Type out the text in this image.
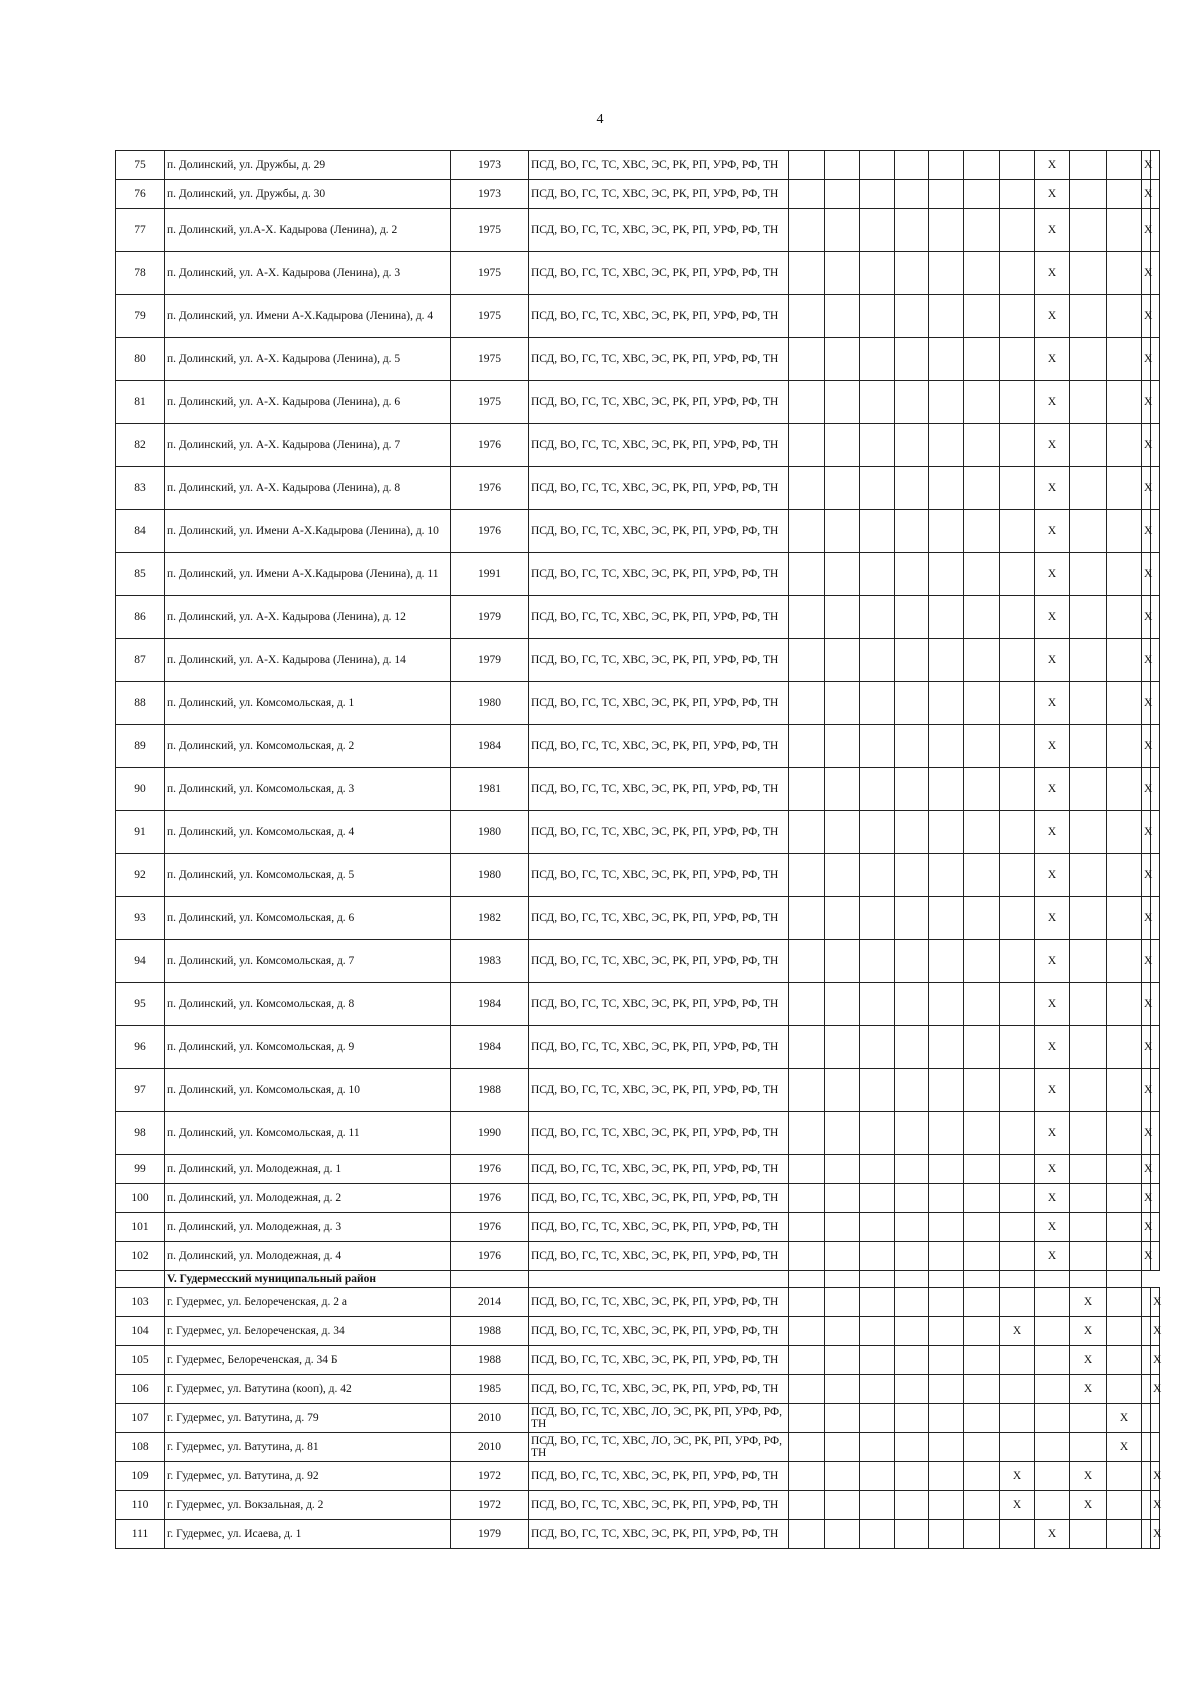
4
75	п. Долинский, ул. Дружбы, д. 29	1973	ПСД, ВО, ГС, ТС, ХВС, ЭС, РК, РП, УРФ, РФ, ТН								X			X	
76	п. Долинский, ул. Дружбы, д. 30	1973	ПСД, ВО, ГС, ТС, ХВС, ЭС, РК, РП, УРФ, РФ, ТН								X			X	
77	п. Долинский, ул.А-Х. Кадырова (Ленина), д. 2	1975	ПСД, ВО, ГС, ТС, ХВС, ЭС, РК, РП, УРФ, РФ, ТН								X			X	
78	п. Долинский, ул. А-Х. Кадырова (Ленина), д. 3	1975	ПСД, ВО, ГС, ТС, ХВС, ЭС, РК, РП, УРФ, РФ, ТН								X			X	
79	п. Долинский, ул. Имени А-Х.Кадырова (Ленина), д. 4	1975	ПСД, ВО, ГС, ТС, ХВС, ЭС, РК, РП, УРФ, РФ, ТН								X			X	
80	п. Долинский, ул. А-Х. Кадырова (Ленина), д. 5	1975	ПСД, ВО, ГС, ТС, ХВС, ЭС, РК, РП, УРФ, РФ, ТН								X			X	
81	п. Долинский, ул. А-Х. Кадырова (Ленина), д. 6	1975	ПСД, ВО, ГС, ТС, ХВС, ЭС, РК, РП, УРФ, РФ, ТН								X			X	
82	п. Долинский, ул. А-Х. Кадырова (Ленина), д. 7	1976	ПСД, ВО, ГС, ТС, ХВС, ЭС, РК, РП, УРФ, РФ, ТН								X			X	
83	п. Долинский, ул. А-Х. Кадырова (Ленина), д. 8	1976	ПСД, ВО, ГС, ТС, ХВС, ЭС, РК, РП, УРФ, РФ, ТН								X			X	
84	п. Долинский, ул. Имени А-Х.Кадырова (Ленина), д. 10	1976	ПСД, ВО, ГС, ТС, ХВС, ЭС, РК, РП, УРФ, РФ, ТН								X			X	
85	п. Долинский, ул. Имени А-Х.Кадырова (Ленина), д. 11	1991	ПСД, ВО, ГС, ТС, ХВС, ЭС, РК, РП, УРФ, РФ, ТН								X			X	
86	п. Долинский, ул. А-Х. Кадырова (Ленина), д. 12	1979	ПСД, ВО, ГС, ТС, ХВС, ЭС, РК, РП, УРФ, РФ, ТН								X			X	
87	п. Долинский, ул. А-Х. Кадырова (Ленина), д. 14	1979	ПСД, ВО, ГС, ТС, ХВС, ЭС, РК, РП, УРФ, РФ, ТН								X			X	
88	п. Долинский, ул. Комсомольская, д. 1	1980	ПСД, ВО, ГС, ТС, ХВС, ЭС, РК, РП, УРФ, РФ, ТН								X			X	
89	п. Долинский, ул. Комсомольская, д. 2	1984	ПСД, ВО, ГС, ТС, ХВС, ЭС, РК, РП, УРФ, РФ, ТН								X			X	
90	п. Долинский, ул. Комсомольская, д. 3	1981	ПСД, ВО, ГС, ТС, ХВС, ЭС, РК, РП, УРФ, РФ, ТН								X			X	
91	п. Долинский, ул. Комсомольская, д. 4	1980	ПСД, ВО, ГС, ТС, ХВС, ЭС, РК, РП, УРФ, РФ, ТН								X			X	
92	п. Долинский, ул. Комсомольская, д. 5	1980	ПСД, ВО, ГС, ТС, ХВС, ЭС, РК, РП, УРФ, РФ, ТН								X			X	
93	п. Долинский, ул. Комсомольская, д. 6	1982	ПСД, ВО, ГС, ТС, ХВС, ЭС, РК, РП, УРФ, РФ, ТН								X			X	
94	п. Долинский, ул. Комсомольская, д. 7	1983	ПСД, ВО, ГС, ТС, ХВС, ЭС, РК, РП, УРФ, РФ, ТН								X			X	
95	п. Долинский, ул. Комсомольская, д. 8	1984	ПСД, ВО, ГС, ТС, ХВС, ЭС, РК, РП, УРФ, РФ, ТН								X			X	
96	п. Долинский, ул. Комсомольская, д. 9	1984	ПСД, ВО, ГС, ТС, ХВС, ЭС, РК, РП, УРФ, РФ, ТН								X			X	
97	п. Долинский, ул. Комсомольская, д. 10	1988	ПСД, ВО, ГС, ТС, ХВС, ЭС, РК, РП, УРФ, РФ, ТН								X			X	
98	п. Долинский, ул. Комсомольская, д. 11	1990	ПСД, ВО, ГС, ТС, ХВС, ЭС, РК, РП, УРФ, РФ, ТН								X			X	
99	п. Долинский, ул. Молодежная, д. 1	1976	ПСД, ВО, ГС, ТС, ХВС, ЭС, РК, РП, УРФ, РФ, ТН								X			X	
100	п. Долинский, ул. Молодежная, д. 2	1976	ПСД, ВО, ГС, ТС, ХВС, ЭС, РК, РП, УРФ, РФ, ТН								X			X	
101	п. Долинский, ул. Молодежная, д. 3	1976	ПСД, ВО, ГС, ТС, ХВС, ЭС, РК, РП, УРФ, РФ, ТН								X			X	
102	п. Долинский, ул. Молодежная, д. 4	1976	ПСД, ВО, ГС, ТС, ХВС, ЭС, РК, РП, УРФ, РФ, ТН								X			X	
	V. Гудермесский муниципальный район														
103	г. Гудермес, ул. Белореченская, д. 2 а	2014	ПСД, ВО, ГС, ТС, ХВС, ЭС, РК, РП, УРФ, РФ, ТН									X			X
104	г. Гудермес, ул. Белореченская, д. 34	1988	ПСД, ВО, ГС, ТС, ХВС, ЭС, РК, РП, УРФ, РФ, ТН							X		X			X
105	г. Гудермес, Белореченская, д. 34 Б	1988	ПСД, ВО, ГС, ТС, ХВС, ЭС, РК, РП, УРФ, РФ, ТН									X			X
106	г. Гудермес, ул. Ватутина (кооп), д. 42	1985	ПСД, ВО, ГС, ТС, ХВС, ЭС, РК, РП, УРФ, РФ, ТН									X			X
107	г. Гудермес, ул. Ватутина, д. 79	2010	ПСД, ВО, ГС, ТС, ХВС, ЛО, ЭС, РК, РП, УРФ, РФ, ТН										X		
108	г. Гудермес, ул. Ватутина, д. 81	2010	ПСД, ВО, ГС, ТС, ХВС, ЛО, ЭС, РК, РП, УРФ, РФ, ТН										X		
109	г. Гудермес, ул. Ватутина, д. 92	1972	ПСД, ВО, ГС, ТС, ХВС, ЭС, РК, РП, УРФ, РФ, ТН							X		X			X
110	г. Гудермес, ул. Вокзальная, д. 2	1972	ПСД, ВО, ГС, ТС, ХВС, ЭС, РК, РП, УРФ, РФ, ТН							X		X			X
111	г. Гудермес, ул. Исаева, д. 1	1979	ПСД, ВО, ГС, ТС, ХВС, ЭС, РК, РП, УРФ, РФ, ТН								X				X
